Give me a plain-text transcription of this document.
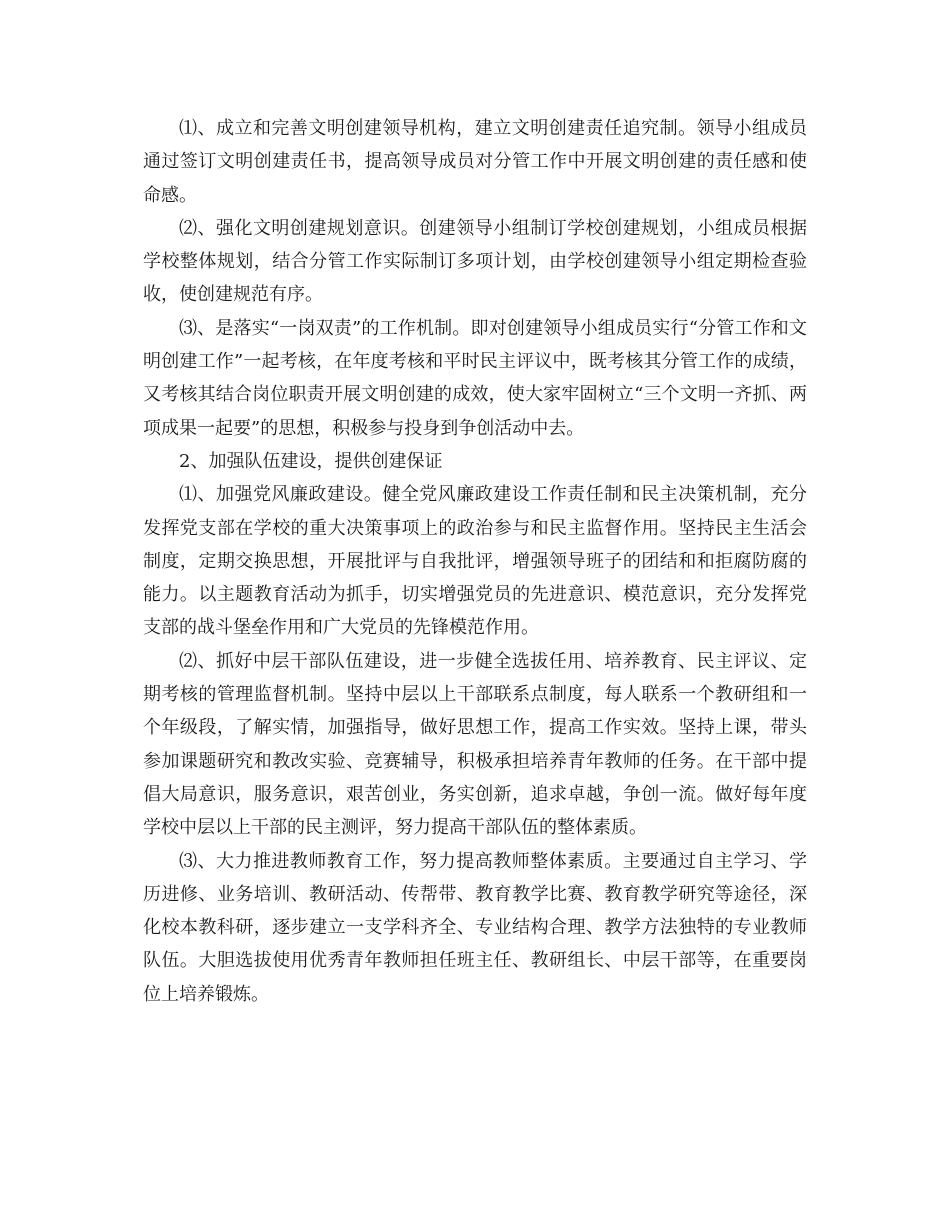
⑴、成立和完善文明创建领导机构，建立文明创建责任追究制。领导小组成员通过签订文明创建责任书，提高领导成员对分管工作中开展文明创建的责任感和使命感。

⑵、强化文明创建规划意识。创建领导小组制订学校创建规划，小组成员根据学校整体规划，结合分管工作实际制订多项计划，由学校创建领导小组定期检查验收，使创建规范有序。

⑶、是落实“一岗双责”的工作机制。即对创建领导小组成员实行“分管工作和文明创建工作”一起考核，在年度考核和平时民主评议中，既考核其分管工作的成绩，又考核其结合岗位职责开展文明创建的成效，使大家牢固树立“三个文明一齐抓、两项成果一起要”的思想，积极参与投身到争创活动中去。

2、加强队伍建设，提供创建保证

⑴、加强党风廉政建设。健全党风廉政建设工作责任制和民主决策机制，充分发挥党支部在学校的重大决策事项上的政治参与和民主监督作用。坚持民主生活会制度，定期交换思想，开展批评与自我批评，增强领导班子的团结和和拒腐防腐的能力。以主题教育活动为抓手，切实增强党员的先进意识、模范意识，充分发挥党支部的战斗堡垒作用和广大党员的先锋模范作用。

⑵、抓好中层干部队伍建设，进一步健全选拔任用、培养教育、民主评议、定期考核的管理监督机制。坚持中层以上干部联系点制度，每人联系一个教研组和一个年级段，了解实情，加强指导，做好思想工作，提高工作实效。坚持上课，带头参加课题研究和教改实验、竞赛辅导，积极承担培养青年教师的任务。在干部中提倡大局意识，服务意识，艰苦创业，务实创新，追求卓越，争创一流。做好每年度学校中层以上干部的民主测评，努力提高干部队伍的整体素质。

⑶、大力推进教师教育工作，努力提高教师整体素质。主要通过自主学习、学历进修、业务培训、教研活动、传帮带、教育教学比赛、教育教学研究等途径，深化校本教科研，逐步建立一支学科齐全、专业结构合理、教学方法独特的专业教师队伍。大胆选拔使用优秀青年教师担任班主任、教研组长、中层干部等，在重要岗位上培养锻炼。
